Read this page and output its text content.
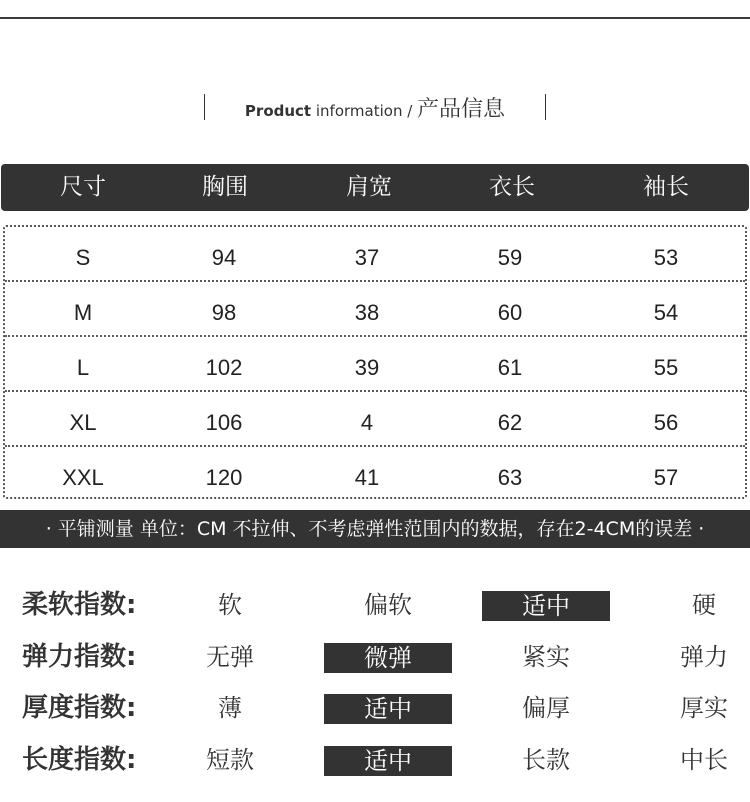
Product information / 产品信息
尺寸	胸围	肩宽	衣长	袖长
S	94	37	59	53
M	98	38	60	54
L	102	39	61	55
XL	106	4	62	56
XXL	120	41	63	57
· 平铺测量 单位：CM 不拉伸、不考虑弹性范围内的数据，存在2-4CM的误差 ·
柔软指数:	软	偏软	适中	硬
弹力指数:	无弹	微弹	紧实	弹力
厚度指数:	薄	适中	偏厚	厚实
长度指数:	短款	适中	长款	中长
